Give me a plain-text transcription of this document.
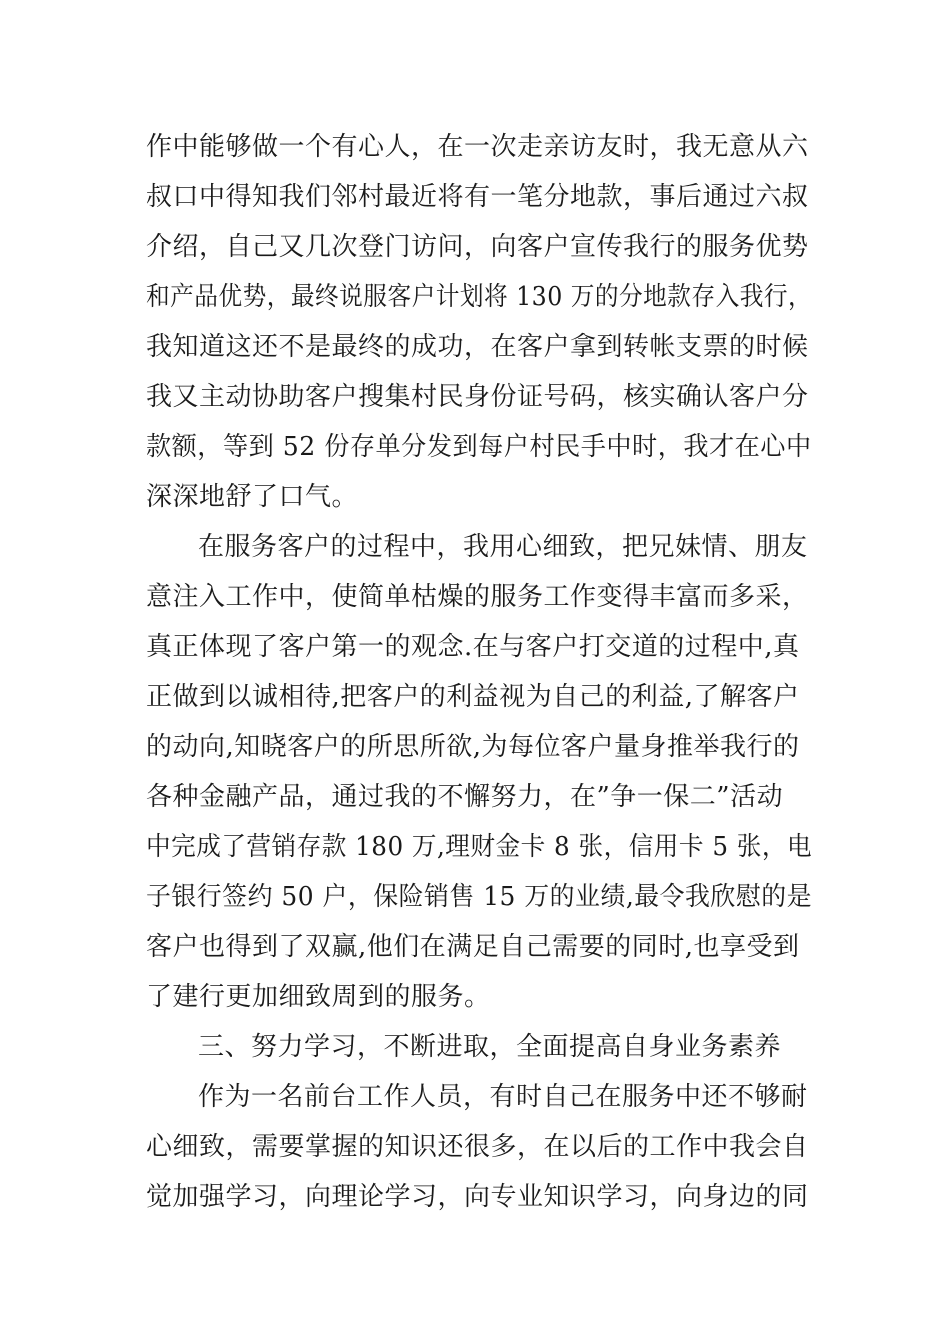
作中能够做一个有心人，在一次走亲访友时，我无意从六
叔口中得知我们邻村最近将有一笔分地款，事后通过六叔
介绍，自己又几次登门访问，向客户宣传我行的服务优势
和产品优势，最终说服客户计划将 130 万的分地款存入我行，
我知道这还不是最终的成功，在客户拿到转帐支票的时候
我又主动协助客户搜集村民身份证号码，核实确认客户分
款额，等到 52 份存单分发到每户村民手中时，我才在心中
深深地舒了口气。
在服务客户的过程中，我用心细致，把兄妹情、朋友
意注入工作中，使简单枯燥的服务工作变得丰富而多采，
真正体现了客户第一的观念.在与客户打交道的过程中,真
正做到以诚相待,把客户的利益视为自己的利益,了解客户
的动向,知晓客户的所思所欲,为每位客户量身推举我行的
各种金融产品，通过我的不懈努力，在”争一保二”活动
中完成了营销存款 180 万,理财金卡 8 张，信用卡 5 张，电
子银行签约 50 户，保险销售 15 万的业绩,最令我欣慰的是
客户也得到了双赢,他们在满足自己需要的同时,也享受到
了建行更加细致周到的服务。
三、努力学习，不断进取，全面提高自身业务素养
作为一名前台工作人员，有时自己在服务中还不够耐
心细致，需要掌握的知识还很多，在以后的工作中我会自
觉加强学习，向理论学习，向专业知识学习，向身边的同
